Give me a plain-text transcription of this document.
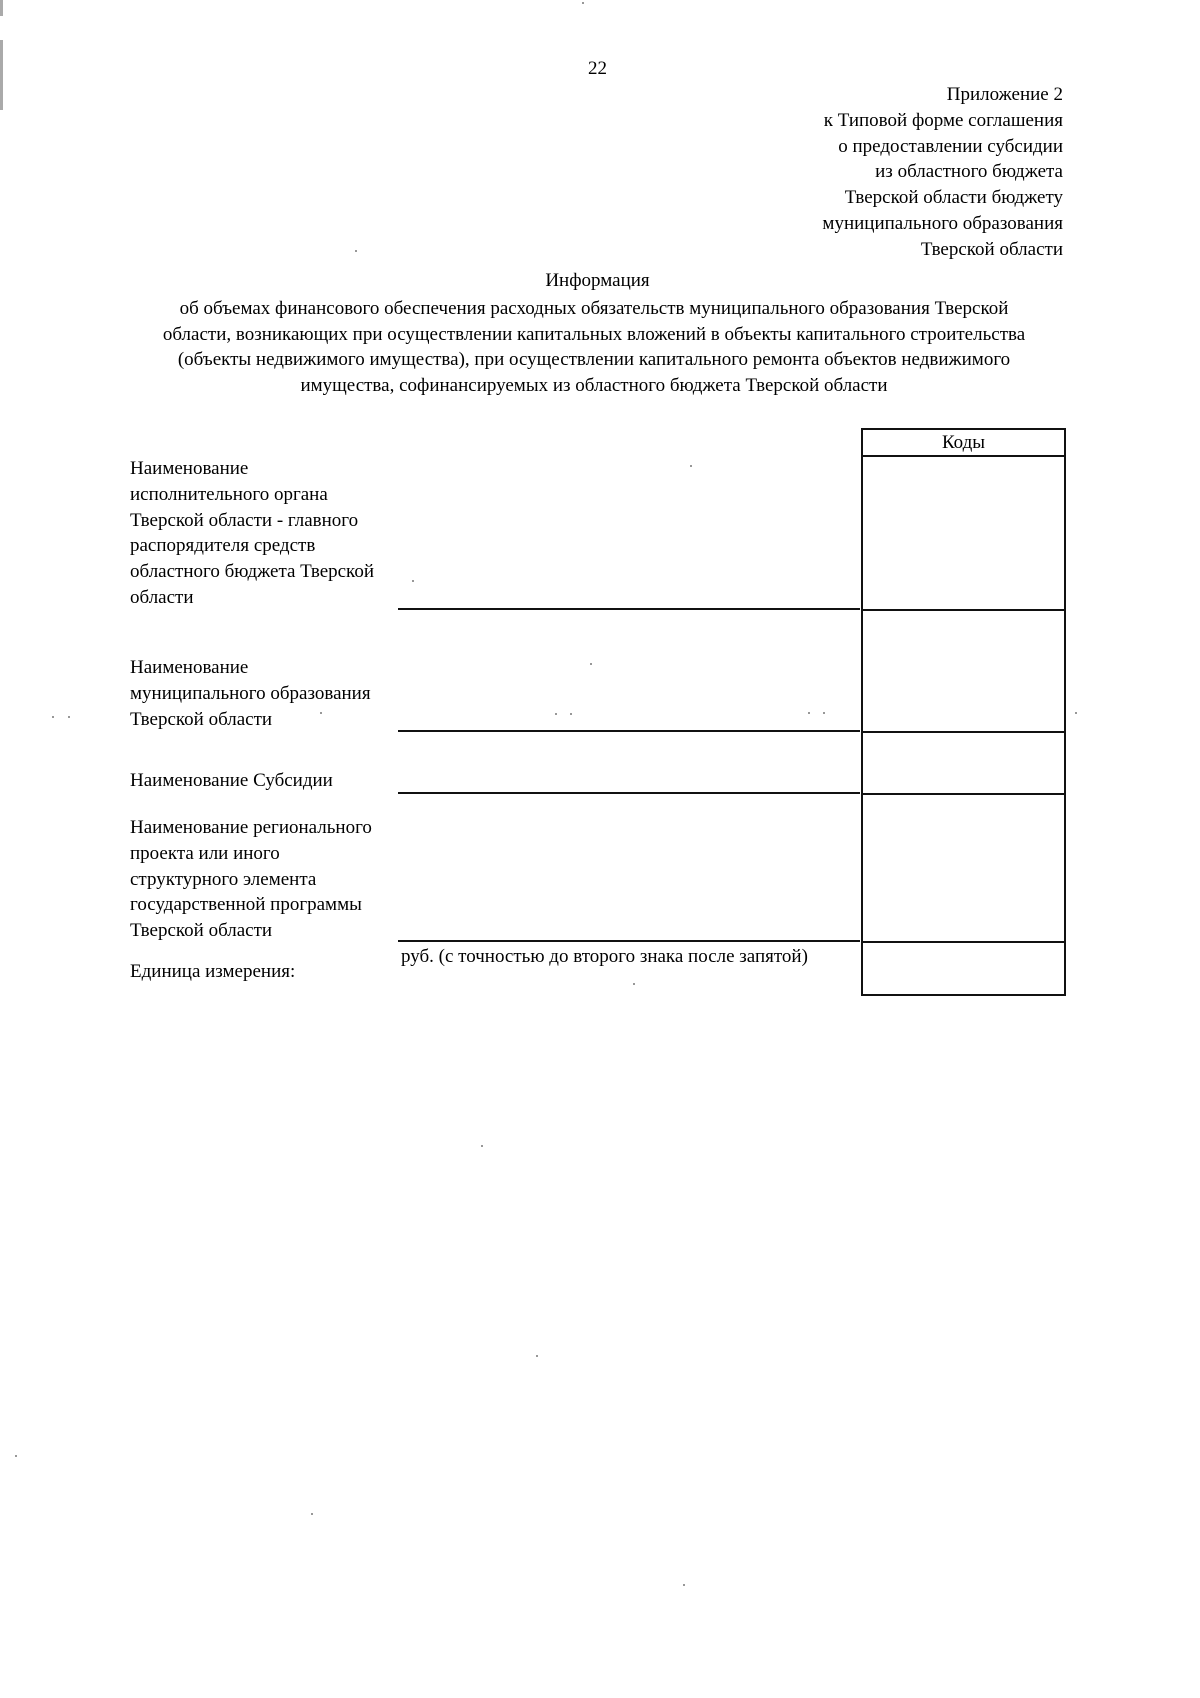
22
Приложение 2
к Типовой форме соглашения
о предоставлении субсидии
из областного бюджета
Тверской области бюджету
муниципального образования
Тверской области
Информация
об объемах финансового обеспечения расходных обязательств муниципального образования Тверской
области, возникающих при осуществлении капитальных вложений в объекты капитального строительства
(объекты недвижимого имущества), при осуществлении капитального ремонта объектов недвижимого
имущества, софинансируемых из областного бюджета Тверской области
Наименование
исполнительного органа
Тверской области - главного
распорядителя средств
областного бюджета Тверской
области
Наименование
муниципального образования
Тверской области
Наименование Субсидии
Наименование регионального
проекта или иного
структурного элемента
государственной программы
Тверской области
Единица измерения:
руб. (с точностью до второго знака после запятой)
Коды
